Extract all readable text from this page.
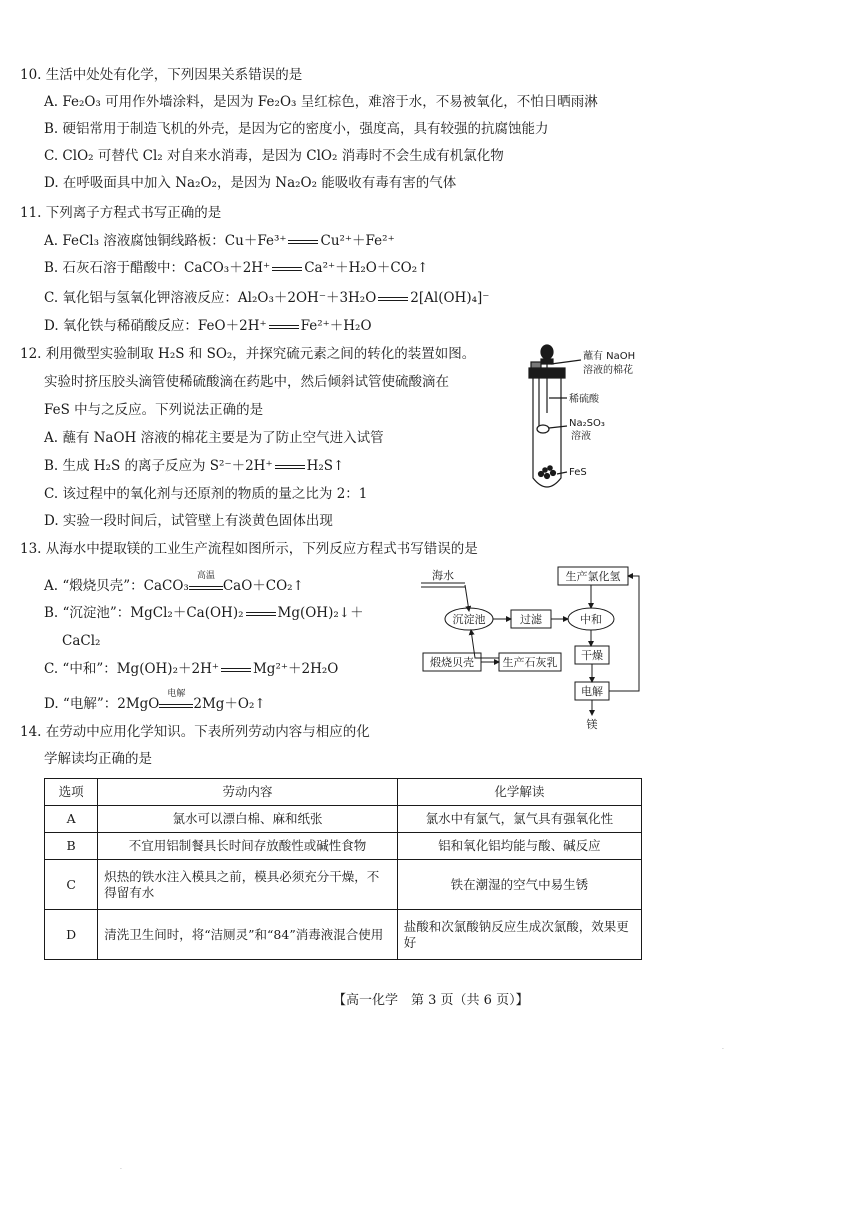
10. 生活中处处有化学，下列因果关系错误的是
A. Fe₂O₃ 可用作外墙涂料，是因为 Fe₂O₃ 呈红棕色，难溶于水，不易被氧化，不怕日晒雨淋
B. 硬铝常用于制造飞机的外壳，是因为它的密度小，强度高，具有较强的抗腐蚀能力
C. ClO₂ 可替代 Cl₂ 对自来水消毒，是因为 ClO₂ 消毒时不会生成有机氯化物
D. 在呼吸面具中加入 Na₂O₂，是因为 Na₂O₂ 能吸收有毒有害的气体
11. 下列离子方程式书写正确的是
A. FeCl₃ 溶液腐蚀铜线路板：Cu＋Fe³⁺	Cu²⁺＋Fe²⁺
B. 石灰石溶于醋酸中：CaCO₃＋2H⁺	Ca²⁺＋H₂O＋CO₂↑
C. 氧化铝与氢氧化钾溶液反应：Al₂O₃＋2OH⁻＋3H₂O	2[Al(OH)₄]⁻
D. 氧化铁与稀硝酸反应：FeO＋2H⁺	Fe²⁺＋H₂O
12. 利用微型实验制取 H₂S 和 SO₂，并探究硫元素之间的转化的装置如图。
实验时挤压胶头滴管使稀硫酸滴在药匙中，然后倾斜试管使硫酸滴在
FeS 中与之反应。下列说法正确的是
A. 蘸有 NaOH 溶液的棉花主要是为了防止空气进入试管
B. 生成 H₂S 的离子反应为 S²⁻＋2H⁺	H₂S↑
C. 该过程中的氧化剂与还原剂的物质的量之比为 2：1
D. 实验一段时间后，试管壁上有淡黄色固体出现
蘸有 NaOH
溶液的棉花
稀硫酸
Na₂SO₃
溶液
FeS
13. 从海水中提取镁的工业生产流程如图所示，下列反应方程式书写错误的是
A. “煅烧贝壳”：CaCO₃
高温
CaO＋CO₂↑
B. “沉淀池”：MgCl₂＋Ca(OH)₂	Mg(OH)₂↓＋
CaCl₂
C. “中和”：Mg(OH)₂＋2H⁺	Mg²⁺＋2H₂O
D. “电解”：2MgO
电解
2Mg＋O₂↑
海水	生产氯化氢
沉淀池	过滤	中和
煅烧贝壳	生产石灰乳
干燥
电解
镁
14. 在劳动中应用化学知识。下表所列劳动内容与相应的化
学解读均正确的是
选项	劳动内容	化学解读
A	氯水可以漂白棉、麻和纸张	氯水中有氯气，氯气具有强氧化性
B	不宜用铝制餐具长时间存放酸性或碱性食物	铝和氧化铝均能与酸、碱反应
C	炽热的铁水注入模具之前，模具必须充分干燥，不得留有水	铁在潮湿的空气中易生锈
D	清洗卫生间时，将“洁厕灵”和“84”消毒液混合使用	盐酸和次氯酸钠反应生成次氯酸，效果更好
【高一化学　第 3 页（共 6 页）】
·
·
